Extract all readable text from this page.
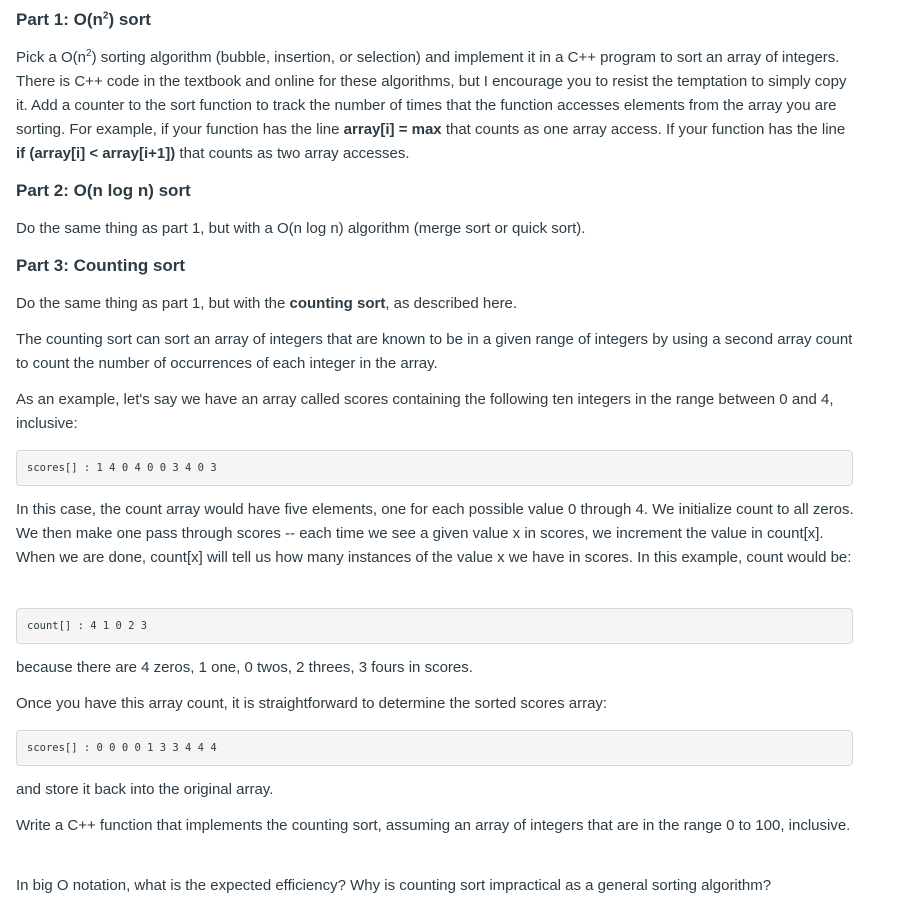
Part 1: $O(n^2)$ sort

Pick a $O(n^2)$ sorting algorithm (bubble, insertion, or selection) and implement it in a C++ program to sort an array of integers. There is C++ code in the textbook and online for these algorithms, but I encourage you to resist the temptation to simply copy it. Add a counter to the sort function to track the number of times that the function accesses elements from the array you are sorting. For example, if your function has the line array[i] = max that counts as one array access. If your function has the line if (array[i] < array[i+1]) that counts as two array accesses.

Part 2: O(n log n) sort

Do the same thing as part 1, but with a O(n log n) algorithm (merge sort or quick sort).

Part 3: Counting sort

Do the same thing as part 1, but with the counting sort, as described here.

The counting sort can sort an array of integers that are known to be in a given range of integers by using a second array count to count the number of occurrences of each integer in the array.

As an example, let's say we have an array called scores containing the following ten integers in the range between 0 and 4, inclusive:

scores[] : 1 4 0 4 0 0 3 4 0 3

In this case, the count array would have five elements, one for each possible value 0 through 4. We initialize count to all zeros. We then make one pass through scores -- each time we see a given value x in scores, we increment the value in count[x]. When we are done, count[x] will tell us how many instances of the value x we have in scores. In this example, count would be:

count[] : 4 1 0 2 3

because there are 4 zeros, 1 one, 0 twos, 2 threes, 3 fours in scores.

Once you have this array count, it is straightforward to determine the sorted scores array:

scores[] : 0 0 0 0 1 3 3 4 4 4

and store it back into the original array.

Write a C++ function that implements the counting sort, assuming an array of integers that are in the range 0 to 100, inclusive.

In big O notation, what is the expected efficiency? Why is counting sort impractical as a general sorting algorithm?
